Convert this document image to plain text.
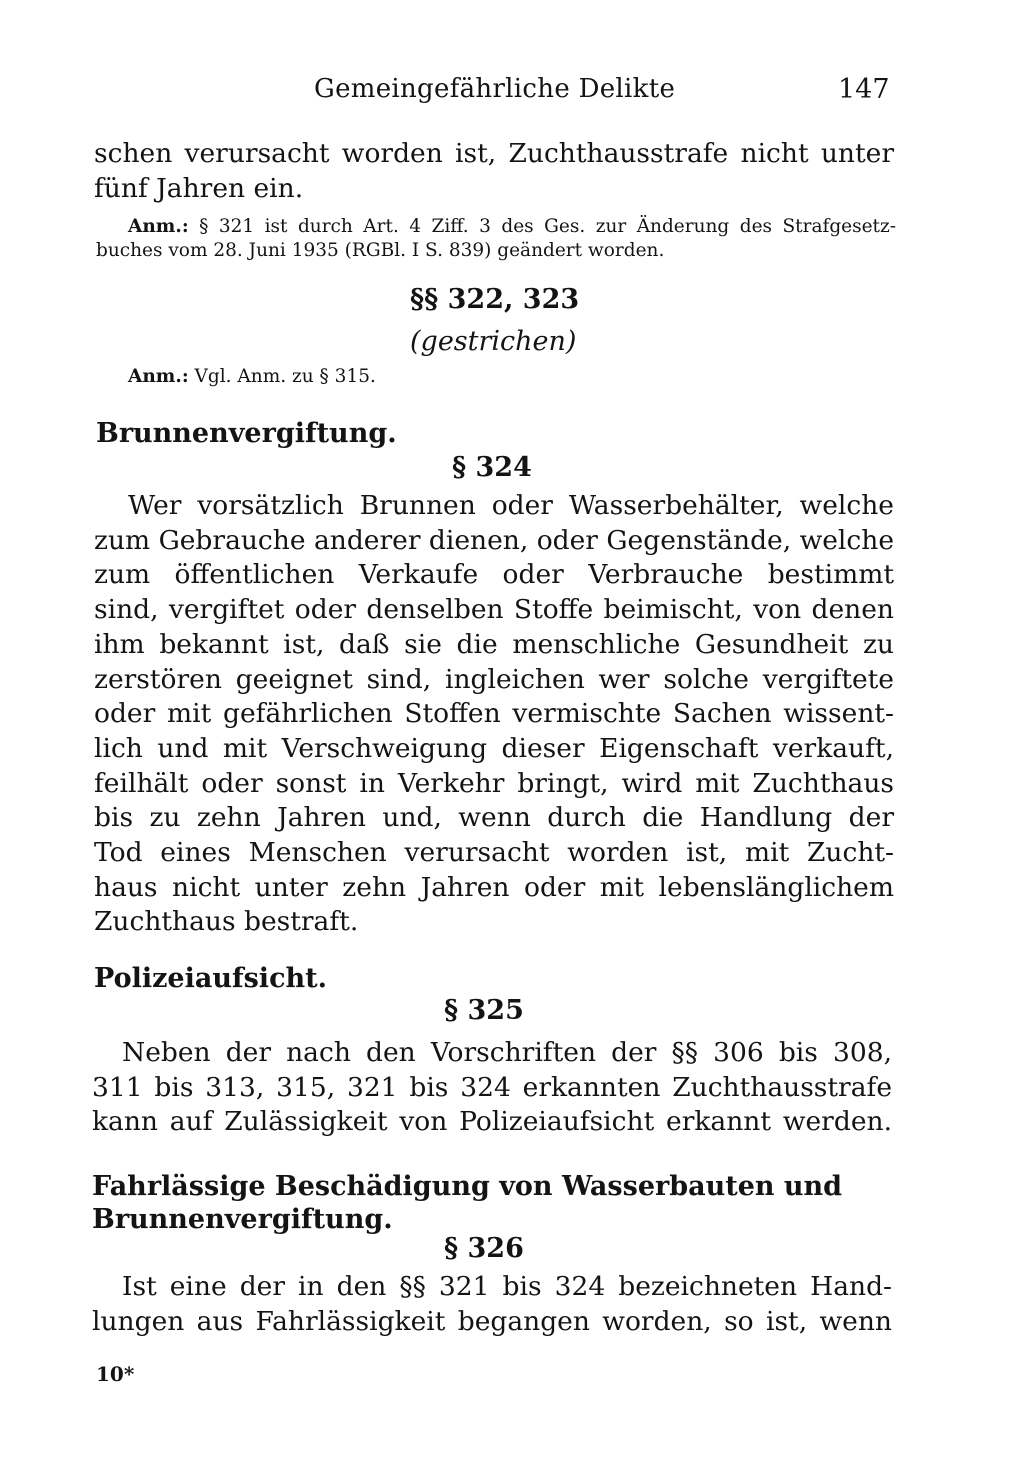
Gemeingefährliche Delikte	147
schen verursacht worden ist, Zuchthausstrafe nicht unter
fünf Jahren ein.
Anm.: § 321 ist durch Art. 4 Ziff. 3 des Ges. zur Änderung des Strafgesetz-
buches vom 28. Juni 1935 (RGBl. I S. 839) geändert worden.
§§ 322, 323
(gestrichen)
Anm.: Vgl. Anm. zu § 315.
Brunnenvergiftung.
§ 324
Wer vorsätzlich Brunnen oder Wasserbehälter, welche
zum Gebrauche anderer dienen, oder Gegenstände, welche
zum öffentlichen Verkaufe oder Verbrauche bestimmt
sind, vergiftet oder denselben Stoffe beimischt, von denen
ihm bekannt ist, daß sie die menschliche Gesundheit zu
zerstören geeignet sind, ingleichen wer solche vergiftete
oder mit gefährlichen Stoffen vermischte Sachen wissent-
lich und mit Verschweigung dieser Eigenschaft verkauft,
feilhält oder sonst in Verkehr bringt, wird mit Zuchthaus
bis zu zehn Jahren und, wenn durch die Handlung der
Tod eines Menschen verursacht worden ist, mit Zucht-
haus nicht unter zehn Jahren oder mit lebenslänglichem
Zuchthaus bestraft.
Polizeiaufsicht.
§ 325
Neben der nach den Vorschriften der §§ 306 bis 308,
311 bis 313, 315, 321 bis 324 erkannten Zuchthausstrafe
kann auf Zulässigkeit von Polizeiaufsicht erkannt werden.
Fahrlässige Beschädigung von Wasserbauten und
Brunnenvergiftung.
§ 326
Ist eine der in den §§ 321 bis 324 bezeichneten Hand-
lungen aus Fahrlässigkeit begangen worden, so ist, wenn
10*
